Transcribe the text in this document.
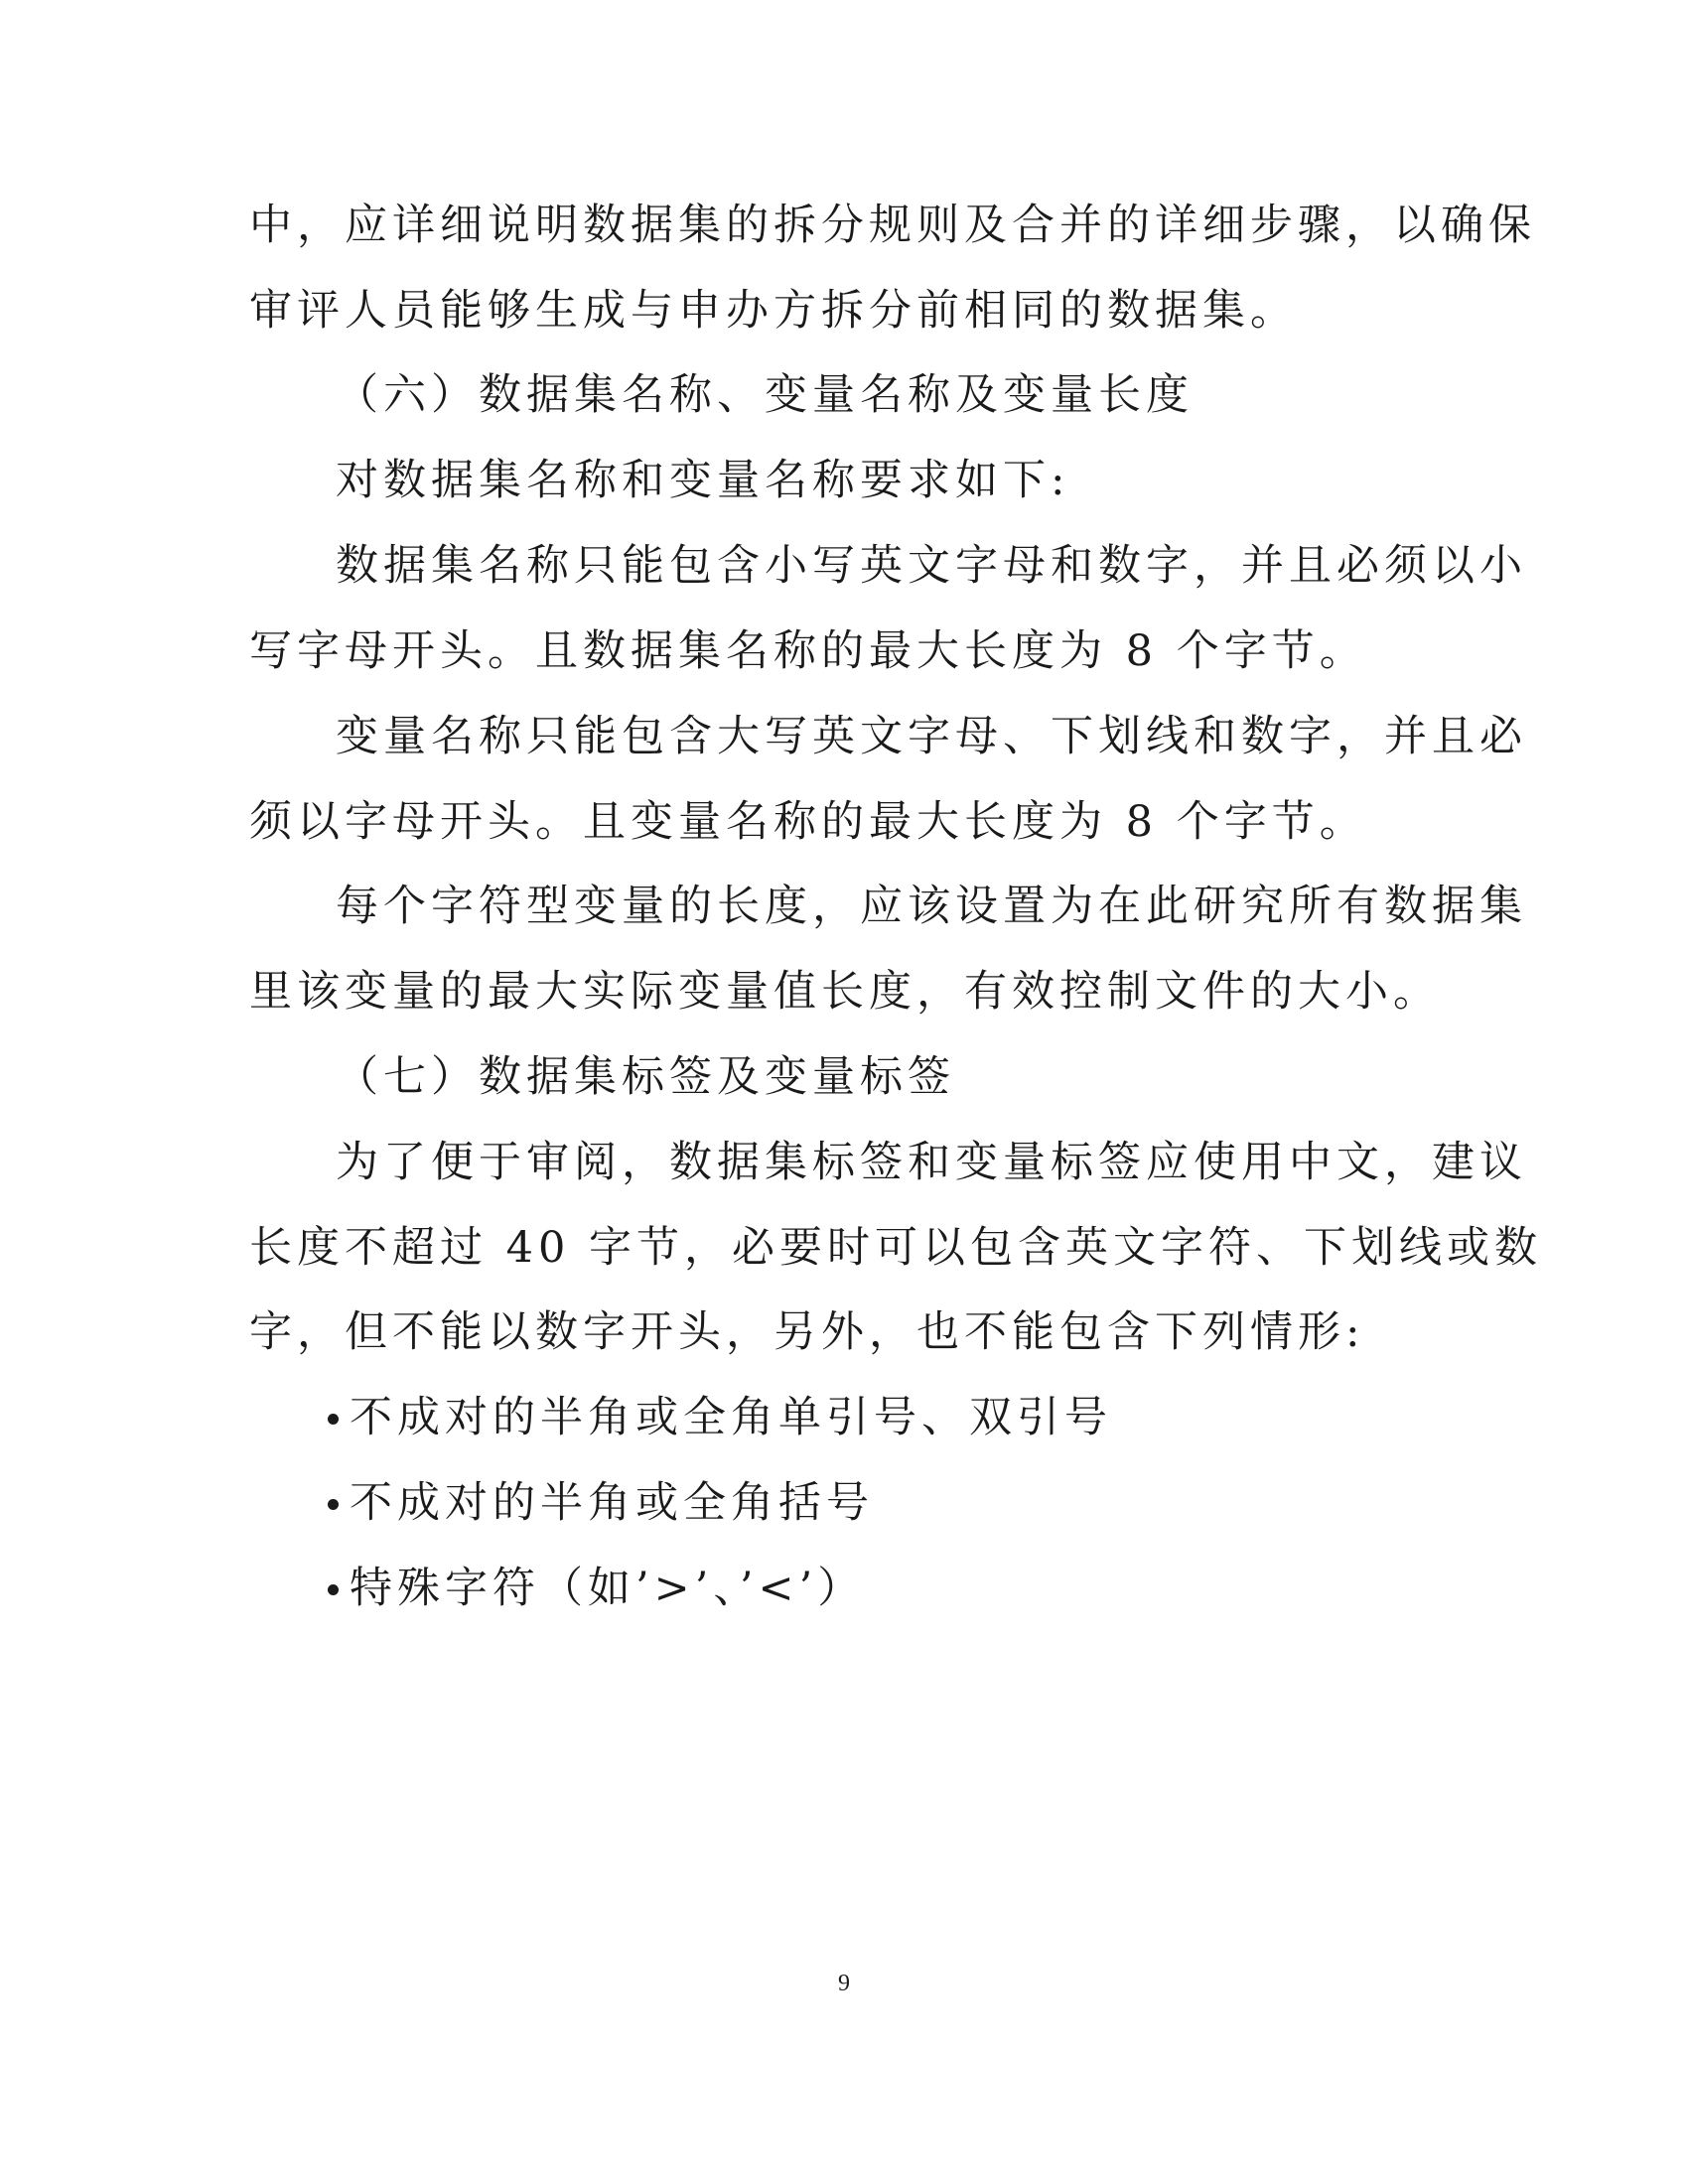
中，应详细说明数据集的拆分规则及合并的详细步骤，以确保
审评人员能够生成与申办方拆分前相同的数据集。
（六）数据集名称、变量名称及变量长度
对数据集名称和变量名称要求如下:
数据集名称只能包含小写英文字母和数字，并且必须以小
写字母开头。且数据集名称的最大长度为 8 个字节。
变量名称只能包含大写英文字母、下划线和数字，并且必
须以字母开头。且变量名称的最大长度为 8 个字节。
每个字符型变量的长度，应该设置为在此研究所有数据集
里该变量的最大实际变量值长度，有效控制文件的大小。
（七）数据集标签及变量标签
为了便于审阅，数据集标签和变量标签应使用中文，建议
长度不超过 40 字节，必要时可以包含英文字符、下划线或数
字，但不能以数字开头，另外，也不能包含下列情形:
不成对的半角或全角单引号、双引号
不成对的半角或全角括号
特殊字符（如’>’、’<’）
9
